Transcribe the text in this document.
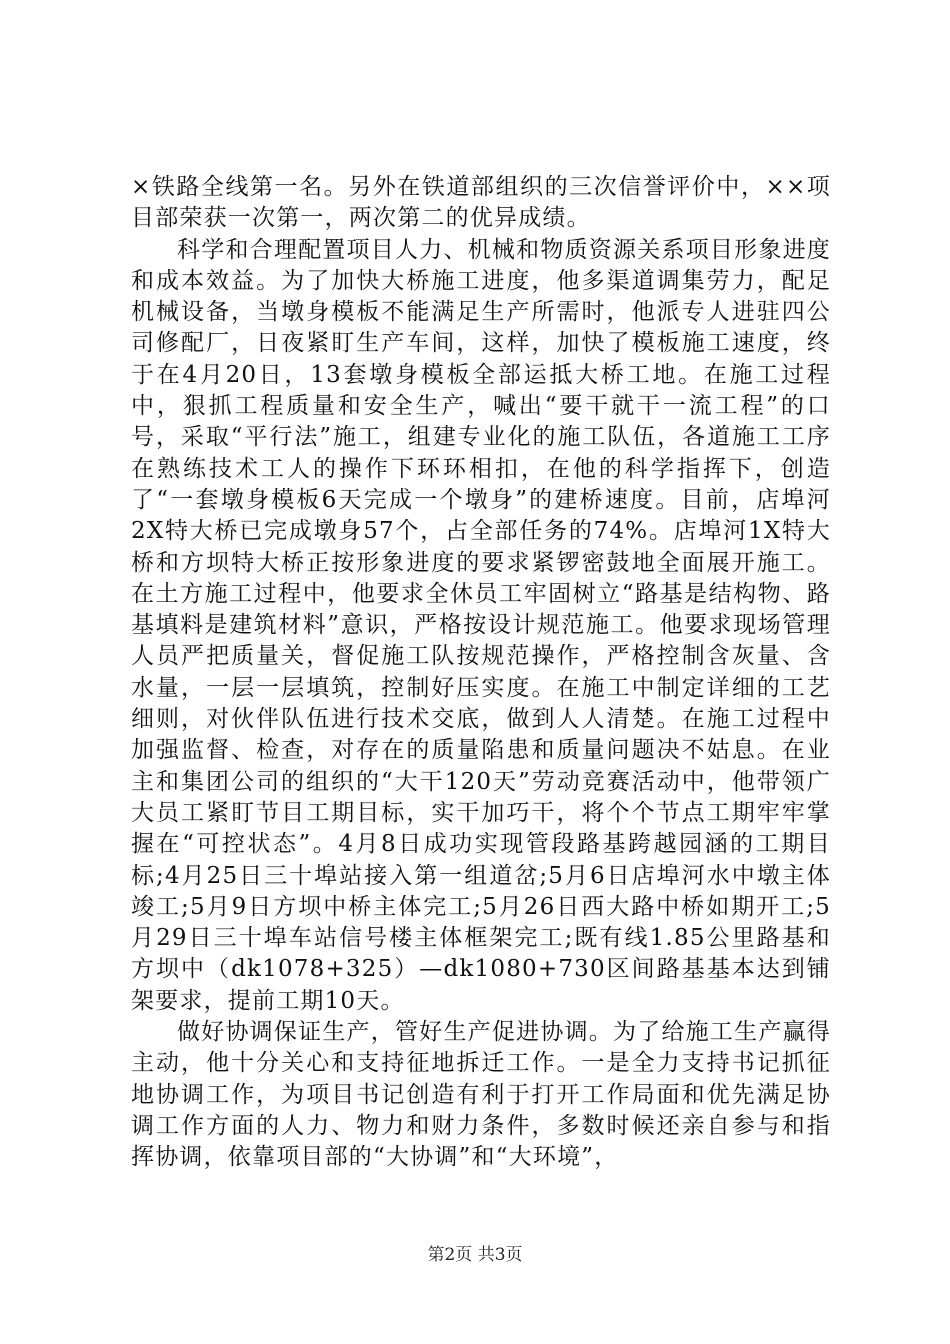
×铁路全线第一名。另外在铁道部组织的三次信誉评价中，××项目部荣获一次第一，两次第二的优异成绩。

科学和合理配置项目人力、机械和物质资源关系项目形象进度和成本效益。为了加快大桥施工进度，他多渠道调集劳力，配足机械设备，当墩身模板不能满足生产所需时，他派专人进驻四公司修配厂，日夜紧盯生产车间，这样，加快了模板施工速度，终于在4月20日，13套墩身模板全部运抵大桥工地。在施工过程中，狠抓工程质量和安全生产，喊出“要干就干一流工程”的口号，采取“平行法”施工，组建专业化的施工队伍，各道施工工序在熟练技术工人的操作下环环相扣，在他的科学指挥下，创造了“一套墩身模板6天完成一个墩身”的建桥速度。目前，店埠河2X特大桥已完成墩身57个，占全部任务的74%。店埠河1X特大桥和方坝特大桥正按形象进度的要求紧锣密鼓地全面展开施工。在土方施工过程中，他要求全休员工牢固树立“路基是结构物、路基填料是建筑材料”意识，严格按设计规范施工。他要求现场管理人员严把质量关，督促施工队按规范操作，严格控制含灰量、含水量，一层一层填筑，控制好压实度。在施工中制定详细的工艺细则，对伙伴队伍进行技术交底，做到人人清楚。在施工过程中加强监督、检查，对存在的质量陷患和质量问题决不姑息。在业主和集团公司的组织的“大干120天”劳动竞赛活动中，他带领广大员工紧盯节目工期目标，实干加巧干，将个个节点工期牢牢掌握在“可控状态”。4月8日成功实现管段路基跨越园涵的工期目标;4月25日三十埠站接入第一组道岔;5月6日店埠河水中墩主体竣工;5月9日方坝中桥主体完工;5月26日西大路中桥如期开工;5月29日三十埠车站信号楼主体框架完工;既有线1.85公里路基和方坝中（dk1078+325）—dk1080+730区间路基基本达到铺架要求，提前工期10天。

做好协调保证生产，管好生产促进协调。为了给施工生产赢得主动，他十分关心和支持征地拆迁工作。一是全力支持书记抓征地协调工作，为项目书记创造有利于打开工作局面和优先满足协调工作方面的人力、物力和财力条件，多数时候还亲自参与和指挥协调，依靠项目部的“大协调”和“大环境”，

第2页 共3页
